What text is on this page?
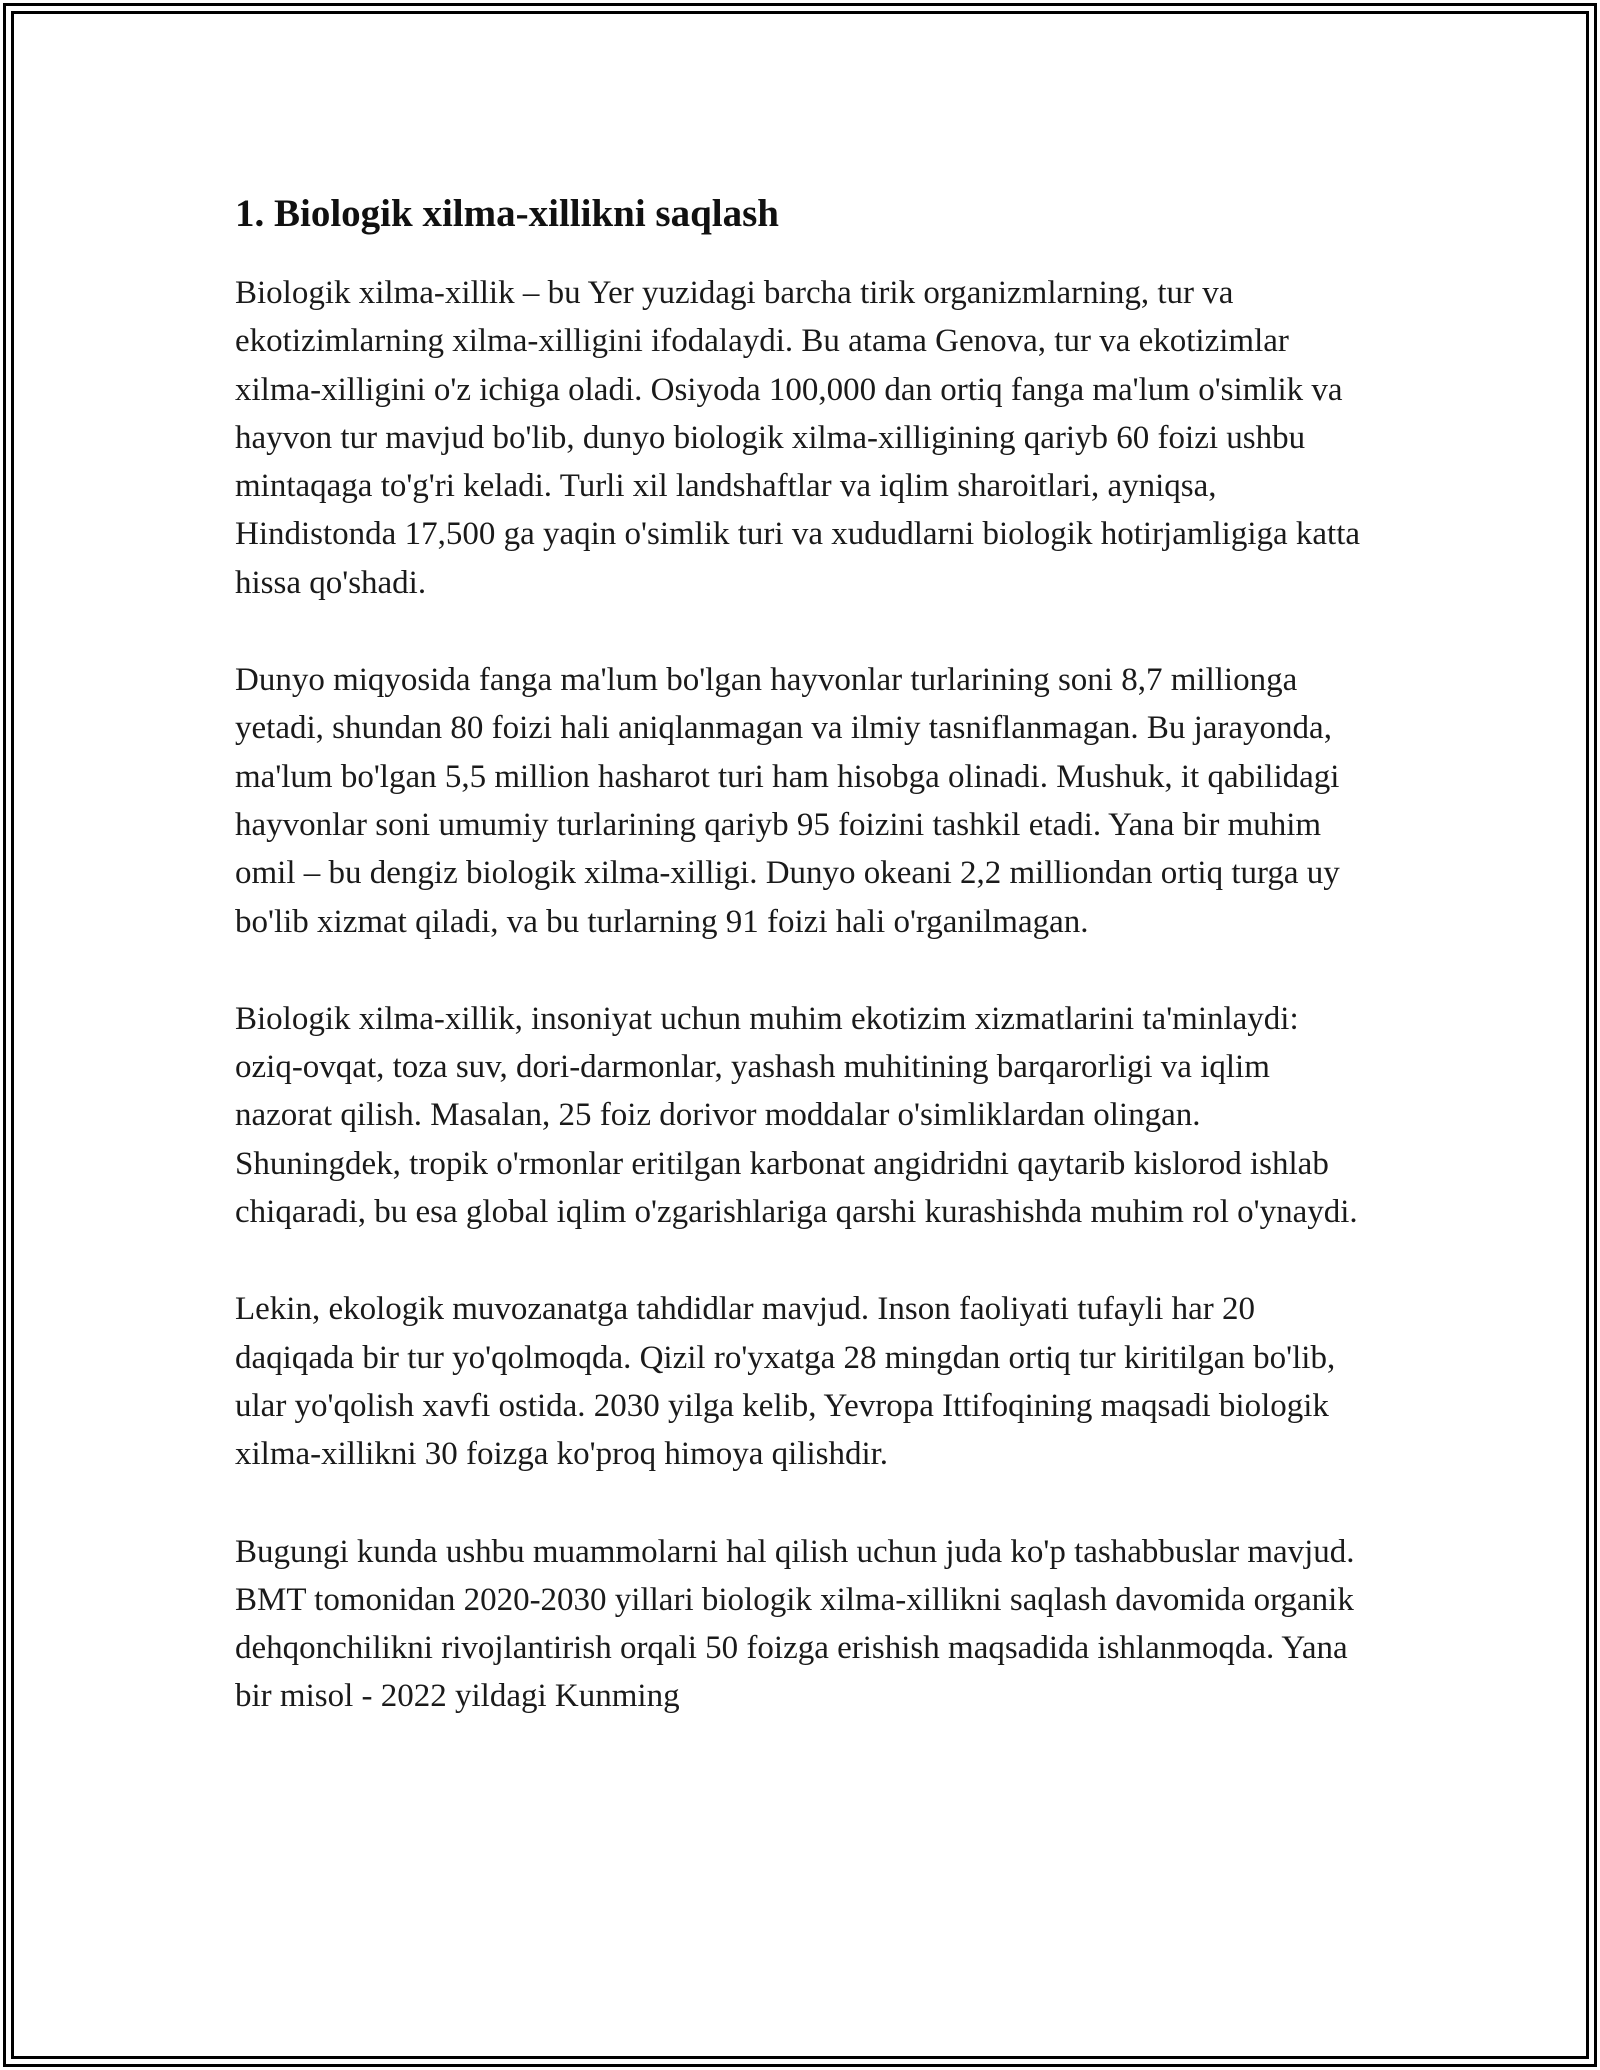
1. Biologik xilma-xillikni saqlash

Biologik xilma-xillik – bu Yer yuzidagi barcha tirik organizmlarning, tur va ekotizimlarning xilma-xilligini ifodalaydi. Bu atama Genova, tur va ekotizimlar xilma-xilligini o'z ichiga oladi. Osiyoda 100,000 dan ortiq fanga ma'lum o'simlik va hayvon tur mavjud bo'lib, dunyo biologik xilma-xilligining qariyb 60 foizi ushbu mintaqaga to'g'ri keladi. Turli xil landshaftlar va iqlim sharoitlari, ayniqsa, Hindistonda 17,500 ga yaqin o'simlik turi va xududlarni biologik hotirjamligiga katta hissa qo'shadi.

Dunyo miqyosida fanga ma'lum bo'lgan hayvonlar turlarining soni 8,7 millionga yetadi, shundan 80 foizi hali aniqlanmagan va ilmiy tasniflanmagan. Bu jarayonda, ma'lum bo'lgan 5,5 million hasharot turi ham hisobga olinadi. Mushuk, it qabilidagi hayvonlar soni umumiy turlarining qariyb 95 foizini tashkil etadi. Yana bir muhim omil – bu dengiz biologik xilma-xilligi. Dunyo okeani 2,2 milliondan ortiq turga uy bo'lib xizmat qiladi, va bu turlarning 91 foizi hali o'rganilmagan.

Biologik xilma-xillik, insoniyat uchun muhim ekotizim xizmatlarini ta'minlaydi: oziq-ovqat, toza suv, dori-darmonlar, yashash muhitining barqarorligi va iqlim nazorat qilish. Masalan, 25 foiz dorivor moddalar o'simliklardan olingan. Shuningdek, tropik o'rmonlar eritilgan karbonat angidridni qaytarib kislorod ishlab chiqaradi, bu esa global iqlim o'zgarishlariga qarshi kurashishda muhim rol o'ynaydi.

Lekin, ekologik muvozanatga tahdidlar mavjud. Inson faoliyati tufayli har 20 daqiqada bir tur yo'qolmoqda. Qizil ro'yxatga 28 mingdan ortiq tur kiritilgan bo'lib, ular yo'qolish xavfi ostida. 2030 yilga kelib, Yevropa Ittifoqining maqsadi biologik xilma-xillikni 30 foizga ko'proq himoya qilishdir.

Bugungi kunda ushbu muammolarni hal qilish uchun juda ko'p tashabbuslar mavjud. BMT tomonidan 2020-2030 yillari biologik xilma-xillikni saqlash davomida organik dehqonchilikni rivojlantirish orqali 50 foizga erishish maqsadida ishlanmoqda. Yana bir misol - 2022 yildagi Kunming
